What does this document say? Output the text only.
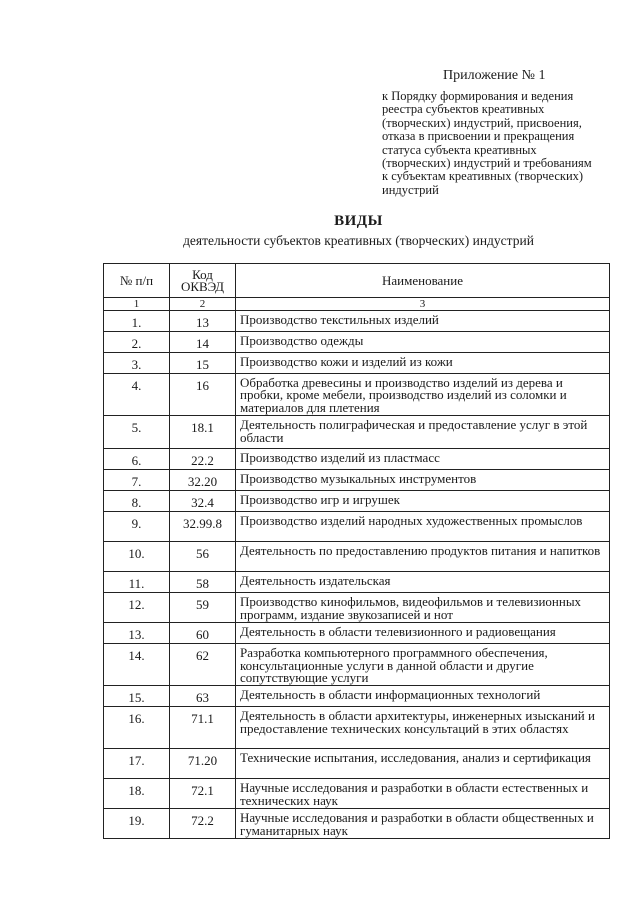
Приложение № 1
к Порядку формирования и ведения
реестра субъектов креативных
(творческих) индустрий, присвоения,
отказа в присвоении и прекращения
статуса субъекта креативных
(творческих) индустрий и требованиям
к субъектам креативных (творческих)
индустрий
ВИДЫ
деятельности субъектов креативных (творческих) индустрий
№ п/п	Код ОКВЭД	Наименование
1	2	3
1.	13	Производство текстильных изделий
2.	14	Производство одежды
3.	15	Производство кожи и изделий из кожи
4.	16	Обработка древесины и производство изделий из дерева и пробки, кроме мебели, производство изделий из соломки и материалов для плетения
5.	18.1	Деятельность полиграфическая и предоставление услуг в этой области
6.	22.2	Производство изделий из пластмасс
7.	32.20	Производство музыкальных инструментов
8.	32.4	Производство игр и игрушек
9.	32.99.8	Производство изделий народных художественных промыслов
10.	56	Деятельность по предоставлению продуктов питания и напитков
11.	58	Деятельность издательская
12.	59	Производство кинофильмов, видеофильмов и телевизионных программ, издание звукозаписей и нот
13.	60	Деятельность в области телевизионного и радиовещания
14.	62	Разработка компьютерного программного обеспечения, консультационные услуги в данной области и другие сопутствующие услуги
15.	63	Деятельность в области информационных технологий
16.	71.1	Деятельность в области архитектуры, инженерных изысканий и предоставление технических консультаций в этих областях
17.	71.20	Технические испытания, исследования, анализ и сертификация
18.	72.1	Научные исследования и разработки в области естественных и технических наук
19.	72.2	Научные исследования и разработки в области общественных и гуманитарных наук
